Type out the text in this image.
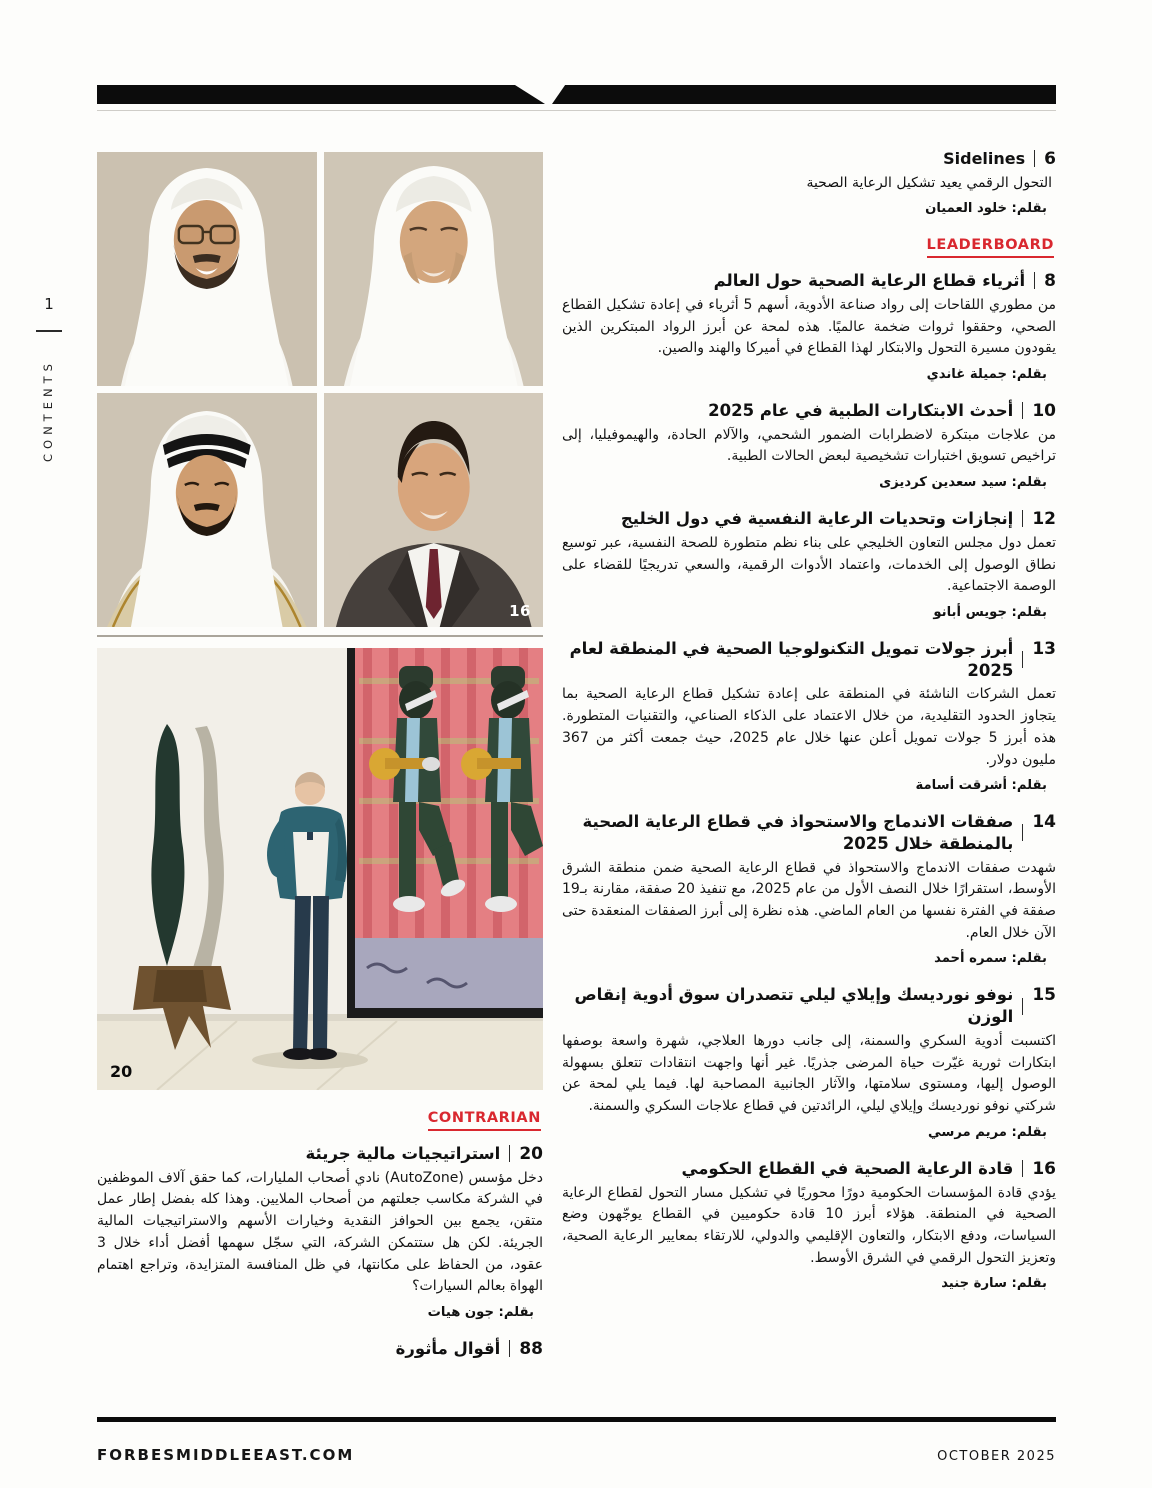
1
CONTENTS
16
20
CONTRARIAN
20
استراتيجيات مالية جريئة

دخل مؤسس (AutoZone) نادي أصحاب المليارات، كما حقق آلاف الموظفين في الشركة مكاسب جعلتهم من أصحاب الملايين. وهذا كله بفضل إطار عمل متقن، يجمع بين الحوافز النقدية وخيارات الأسهم والاستراتيجيات المالية الجريئة. لكن هل ستتمكن الشركة، التي سجّل سهمها أفضل أداء خلال 3 عقود، من الحفاظ على مكانتها، في ظل المنافسة المتزايدة، وتراجع اهتمام الهواة بعالم السيارات؟

بقلم: جون هيات

88
أقوال مأثورة
6
Sidelines

التحول الرقمي يعيد تشكيل الرعاية الصحية

بقلم: خلود العميان

LEADERBOARD
8
أثرياء قطاع الرعاية الصحية حول العالم

من مطوري اللقاحات إلى رواد صناعة الأدوية، أسهم 5 أثرياء في إعادة تشكيل القطاع الصحي، وحققوا ثروات ضخمة عالميًا. هذه لمحة عن أبرز الرواد المبتكرين الذين يقودون مسيرة التحول والابتكار لهذا القطاع في أميركا والهند والصين.

بقلم: جميلة غاندي

10
أحدث الابتكارات الطبية في عام 2025

من علاجات مبتكرة لاضطرابات الضمور الشحمي، والآلام الحادة، والهيموفيليا، إلى تراخيص تسويق اختبارات تشخيصية لبعض الحالات الطبية.

بقلم: سيد سعدين كرديزى

12
إنجازات وتحديات الرعاية النفسية في دول الخليج

تعمل دول مجلس التعاون الخليجي على بناء نظم متطورة للصحة النفسية، عبر توسيع نطاق الوصول إلى الخدمات، واعتماد الأدوات الرقمية، والسعي تدريجيًا للقضاء على الوصمة الاجتماعية.

بقلم: جويس أبانو

13
أبرز جولات تمويل التكنولوجيا الصحية في المنطقة لعام 2025

تعمل الشركات الناشئة في المنطقة على إعادة تشكيل قطاع الرعاية الصحية بما يتجاوز الحدود التقليدية، من خلال الاعتماد على الذكاء الصناعي، والتقنيات المتطورة. هذه أبرز 5 جولات تمويل أعلن عنها خلال عام 2025، حيث جمعت أكثر من 367 مليون دولار.

بقلم: أشرقت أسامة

14
صفقات الاندماج والاستحواذ في قطاع الرعاية الصحية بالمنطقة خلال 2025

شهدت صفقات الاندماج والاستحواذ في قطاع الرعاية الصحية ضمن منطقة الشرق الأوسط، استقرارًا خلال النصف الأول من عام 2025، مع تنفيذ 20 صفقة، مقارنة بـ19 صفقة في الفترة نفسها من العام الماضي. هذه نظرة إلى أبرز الصفقات المنعقدة حتى الآن خلال العام.

بقلم: سمره أحمد

15
نوفو نورديسك وإيلاي ليلي تتصدران سوق أدوية إنقاص الوزن

اكتسبت أدوية السكري والسمنة، إلى جانب دورها العلاجي، شهرة واسعة بوصفها ابتكارات ثورية غيّرت حياة المرضى جذريًا. غير أنها واجهت انتقادات تتعلق بسهولة الوصول إليها، ومستوى سلامتها، والآثار الجانبية المصاحبة لها. فيما يلي لمحة عن شركتي نوفو نورديسك وإيلاي ليلي، الرائدتين في قطاع علاجات السكري والسمنة.

بقلم: مريم مرسي

16
قادة الرعاية الصحية في القطاع الحكومي

يؤدي قادة المؤسسات الحكومية دورًا محوريًا في تشكيل مسار التحول لقطاع الرعاية الصحية في المنطقة. هؤلاء أبرز 10 قادة حكوميين في القطاع يوجّهون وضع السياسات، ودفع الابتكار، والتعاون الإقليمي والدولي، للارتقاء بمعايير الرعاية الصحية، وتعزيز التحول الرقمي في الشرق الأوسط.

بقلم: سارة جنيد

FORBESMIDDLEEAST.COM	OCTOBER 2025
